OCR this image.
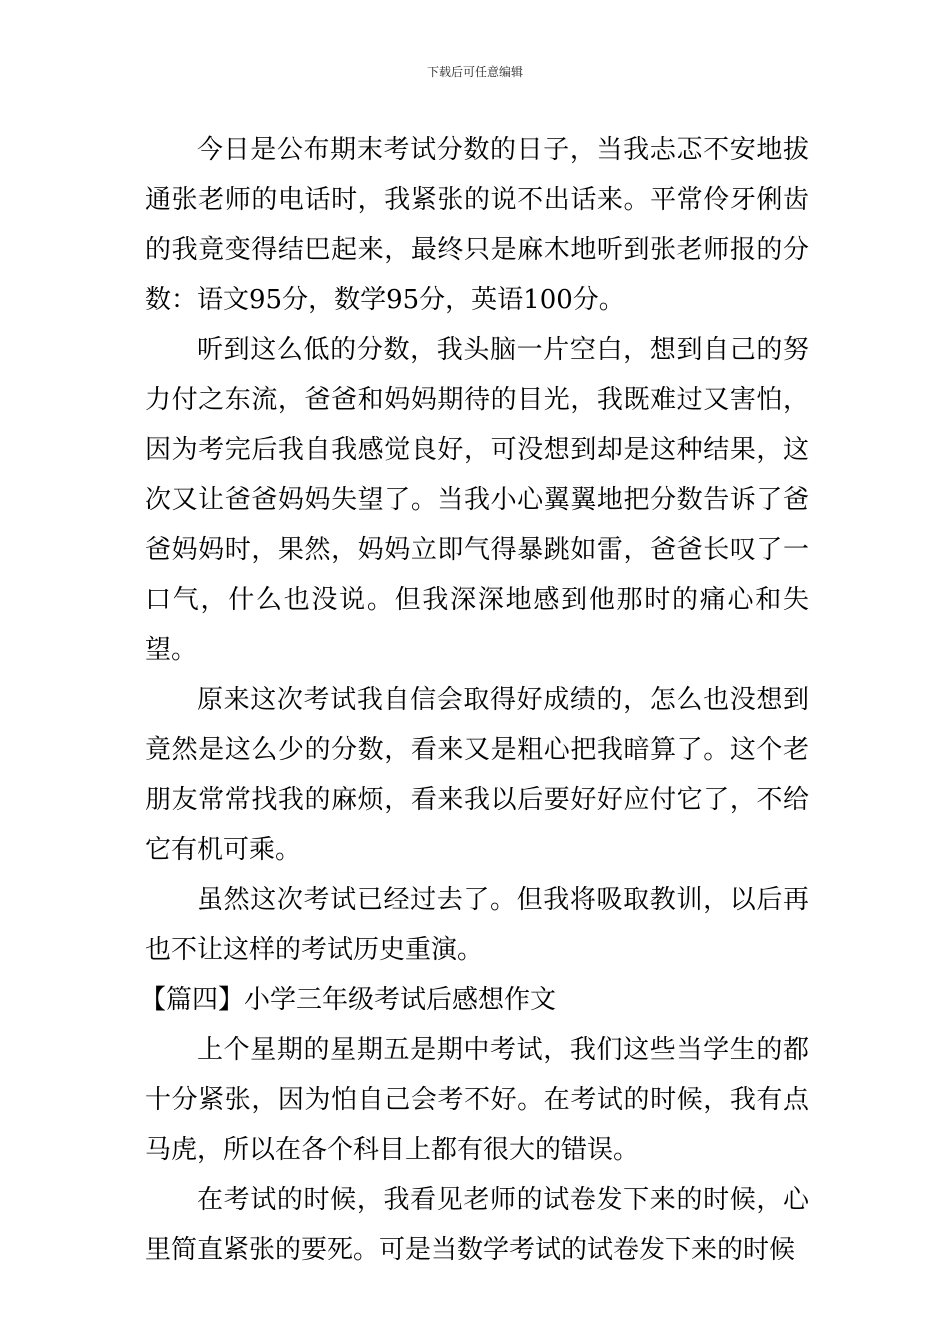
下载后可任意编辑

今日是公布期末考试分数的日子，当我忐忑不安地拔通张老师的电话时，我紧张的说不出话来。平常伶牙俐齿的我竟变得结巴起来，最终只是麻木地听到张老师报的分数：语文95分，数学95分，英语100分。

听到这么低的分数，我头脑一片空白，想到自己的努力付之东流，爸爸和妈妈期待的目光，我既难过又害怕，因为考完后我自我感觉良好，可没想到却是这种结果，这次又让爸爸妈妈失望了。当我小心翼翼地把分数告诉了爸爸妈妈时，果然，妈妈立即气得暴跳如雷，爸爸长叹了一口气，什么也没说。但我深深地感到他那时的痛心和失望。

原来这次考试我自信会取得好成绩的，怎么也没想到竟然是这么少的分数，看来又是粗心把我暗算了。这个老朋友常常找我的麻烦，看来我以后要好好应付它了，不给它有机可乘。

虽然这次考试已经过去了。但我将吸取教训，以后再也不让这样的考试历史重演。

【篇四】小学三年级考试后感想作文

上个星期的星期五是期中考试，我们这些当学生的都十分紧张，因为怕自己会考不好。在考试的时候，我有点马虎，所以在各个科目上都有很大的错误。

在考试的时候，我看见老师的试卷发下来的时候，心里简直紧张的要死。可是当数学考试的试卷发下来的时候
